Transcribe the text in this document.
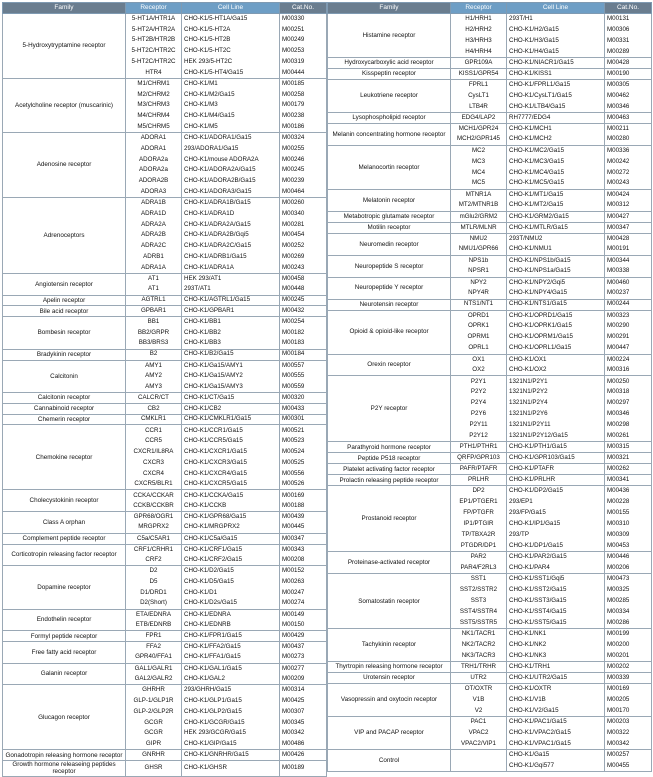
Family	Receptor	Cell Line	Cat.No.
5-Hydroxytryptamine receptor	5-HT1A/HTR1A	CHO-K1/5-HT1A/Ga15	M00330
	5-HT2A/HTR2A	CHO-K1/5-HT2A	M00251
	5-HT2B/HTR2B	CHO-K1/5-HT2B	M00249
	5-HT2C/HTR2C	CHO-K1/5-HT2C	M00253
	5-HT2C/HTR2C	HEK 293/5-HT2C	M00319
	HTR4	CHO-K1/5-HT4/Ga15	M00444
Acetylcholine receptor (muscarinic)	M1/CHRM1	CHO-K1/M1	M00185
	M2/CHRM2	CHO-K1/M2/Ga15	M00258
	M3/CHRM3	CHO-K1/M3	M00179
	M4/CHRM4	CHO-K1/M4/Ga15	M00238
	M5/CHRM5	CHO-K1/M5	M00186
Adenosine receptor	ADORA1	CHO-K1/ADORA1/Ga15	M00324
	ADORA1	293/ADORA1/Ga15	M00255
	ADORA2a	CHO-K1/mouse ADORA2A	M00246
	ADORA2a	CHO-K1/ADORA2A/Ga15	M00245
	ADORA2B	CHO-K1/ADORA2B/Ga15	M00239
	ADORA3	CHO-K1/ADORA3/Ga15	M00464
Adrenoceptors	ADRA1B	CHO-K1/ADRA1B/Ga15	M00260
	ADRA1D	CHO-K1/ADRA1D	M00340
	ADRA2A	CHO-K1/ADRA2A/Ga15	M00281
	ADRA2B	CHO-K1/ADRA2B/Gqi5	M00454
	ADRA2C	CHO-K1/ADRA2C/Ga15	M00252
	ADRB1	CHO-K1/ADRB1/Ga15	M00269
	ADRA1A	CHO-K1/ADRA1A	M00243
Angiotensin receptor	AT1	HEK 293/AT1	M00458
	AT1	293T/AT1	M00448
Apelin receptor	AGTRL1	CHO-K1/AGTRL1/Ga15	M00245
Bile acid receptor	GPBAR1	CHO-K1/GPBAR1	M00432
Bombesin receptor	BB1	CHO-K1/BB1	M00254
	BB2/GRPR	CHO-K1/BB2	M00182
	BB3/BRS3	CHO-K1/BB3	M00183
Bradykinin receptor	B2	CHO-K1/B2/Ga15	M00184
Calcitonin	AMY1	CHO-K1/Ga15/AMY1	M00557
	AMY2	CHO-K1/Ga15/AMY2	M00555
	AMY3	CHO-K1/Ga15/AMY3	M00559
Calcitonin receptor	CALCR/CT	CHO-K1/CT/Ga15	M00320
Cannabinoid receptor	CB2	CHO-K1/CB2	M00433
Chemerin receptor	CMKLR1	CHO-K1/CMKLR1/Ga15	M00301
Chemokine receptor	CCR1	CHO-K1/CCR1/Ga15	M00521
	CCR5	CHO-K1/CCR5/Ga15	M00523
	CXCR1/IL8RA	CHO-K1/CXCR1/Ga15	M00524
	CXCR3	CHO-K1/CXCR3/Ga15	M00525
	CXCR4	CHO-K1/CXCR4/Ga15	M00556
	CXCR5/BLR1	CHO-K1/CXCR5/Ga15	M00526
Cholecystokinin receptor	CCKA/CCKAR	CHO-K1/CCKA/Ga15	M00169
	CCKB/CCKBR	CHO-K1/CCKB	M00188
Class A orphan	GPR68/OGR1	CHO-K1/GPR68/Ga15	M00439
	MRGPRX2	CHO-K1/MRGPRX2	M00445
Complement peptide receptor	C5a/C5AR1	CHO-K1/C5a/Ga15	M00347
Corticotropin releasing factor receptor	CRF1/CRHR1	CHO-K1/CRF1/Ga15	M00343
	CRF2	CHO-K1/CRF2/Ga15	M00208
Dopamine receptor	D2	CHO-K1/D2/Ga15	M00152
	D5	CHO-K1/D5/Ga15	M00263
	D1/DRD1	CHO-K1/D1	M00247
	D2(Short)	CHO-K1/D2s/Ga15	M00274
Endothelin receptor	ETA/EDNRA	CHO-K1/EDNRA	M00149
	ETB/EDNRB	CHO-K1/EDNRB	M00150
Formyl peptide receptor	FPR1	CHO-K1/FPR1/Ga15	M00429
Free fatty acid receptor	FFA2	CHO-K1/FFA2/Ga15	M00437
	GPR40/FFA1	CHO-K1/FFA1/Ga15	M00273
Galanin receptor	GAL1/GALR1	CHO-K1/GAL1/Ga15	M00277
	GAL2/GALR2	CHO-K1/GAL2	M00209
Glucagon receptor	GHRHR	293/GHRH/Ga15	M00314
	GLP-1/GLP1R	CHO-K1/GLP1/Ga15	M00425
	GLP-2/GLP2R	CHO-K1/GLP2/Ga15	M00307
	GCGR	CHO-K1/GCGR/Ga15	M00345
	GCGR	HEK 293/GCGR/Ga15	M00342
	GIPR	CHO-K1/GIP/Ga15	M00486
Gonadotropin releasing hormone receptor	GNRHR	CHO-K1/GNRHR/Ga15	M00426
Growth hormone releaseing peptides receptor	GHSR	CHO-K1/GHSR	M00189
Family	Receptor	Cell Line	Cat.No.
Histamine receptor	H1/HRH1	293T/H1	M00131
	H2/HRH2	CHO-K1/H2/Ga15	M00306
	H3/HRH3	CHO-K1/H3/Ga15	M00331
	H4/HRH4	CHO-K1/H4/Ga15	M00289
Hydroxycarboxylic acid receptor	GPR109A	CHO-K1/NIACR1/Ga15	M00428
Kisspeptin receptor	KISS1/GPR54	CHO-K1/KISS1	M00190
Leukotriene receptor	FPRL1	CHO-K1/FPRL1/Ga15	M00305
	CysLT1	CHO-K1/CysLT1/Ga15	M00462
	LTB4R	CHO-K1/LTB4/Ga15	M00346
Lysophospholipid receptor	EDG4/LAP2	RH7777/EDG4	M00463
Melanin concentrating hormone receptor	MCH1/GPR24	CHO-K1/MCH1	M00211
	MCH2/GPR145	CHO-K1/MCH2	M00280
Melanocortin receptor	MC2	CHO-K1/MC2/Ga15	M00336
	MC3	CHO-K1/MC3/Ga15	M00242
	MC4	CHO-K1/MC4/Ga15	M00272
	MC5	CHO-K1/MC5/Ga15	M00243
Melatonin receptor	MTNR1A	CHO-K1/MT1/Ga15	M00424
	MT2/MTNR1B	CHO-K1/MT2/Ga15	M00312
Metabotropic glutamate receptor	mGlu2/GRM2	CHO-K1/GRM2/Ga15	M00427
Motilin receptor	MTLR/MLNR	CHO-K1/MTLR/Ga15	M00347
Neuromedin receptor	NMU2	293T/NMU2	M00428
	NMU1/GPR66	CHO-K1/NMU1	M00191
Neuropeptide S receptor	NPS1b	CHO-K1/NPS1b/Ga15	M00344
	NPSR1	CHO-K1/NPS1a/Ga15	M00338
Neuropeptide Y receptor	NPY2	CHO-K1/NPY2/Gqi5	M00460
	NPY4R	CHO-K1/NPY4/Ga15	M00237
Neurotensin receptor	NTS1/NT1	CHO-K1/NTS1/Ga15	M00244
Opioid & opioid-like receptor	OPRD1	CHO-K1/OPRD1/Ga15	M00323
	OPRK1	CHO-K1/OPRK1/Ga15	M00290
	OPRM1	CHO-K1/OPRM1/Ga15	M00291
	OPRL1	CHO-K1/OPRL1/Ga15	M00447
Orexin receptor	OX1	CHO-K1/OX1	M00224
	OX2	CHO-K1/OX2	M00316
P2Y receptor	P2Y1	1321N1/P2Y1	M00250
	P2Y2	1321N1/P2Y2	M00318
	P2Y4	1321N1/P2Y4	M00297
	P2Y6	1321N1/P2Y6	M00346
	P2Y11	1321N1/P2Y11	M00298
	P2Y12	1321N1/P2Y12/Ga15	M00261
Parathyroid hormone receptor	PTH1/PTHR1	CHO-K1/PTH1/Ga15	M00315
Peptide P518 receptor	QRFP/GPR103	CHO-K1/GPR103/Ga15	M00321
Platelet activating factor receptor	PAFR/PTAFR	CHO-K1/PTAFR	M00262
Prolactin releasing peptide receptor	PRLHR	CHO-K1/PRLHR	M00341
Prostanoid receptor	DP2	CHO-K1/DP2/Ga15	M00436
	EP1/PTGER1	293/EP1	M00228
	FP/PTGFR	293/FP/Ga15	M00155
	IP1/PTGIR	CHO-K1/IP1/Ga15	M00310
	TP/TBXA2R	293/TP	M00309
	PTGDR/DP1	CHO-K1/DP1/Ga15	M00453
Proteinase-activated receptor	PAR2	CHO-K1/PAR2/Ga15	M00446
	PAR4/F2RL3	CHO-K1/PAR4	M00206
Somatostatin receptor	SST1	CHO-K1/SST1/Gqi5	M00473
	SST2/SSTR2	CHO-K1/SST2/Ga15	M00325
	SST3	CHO-K1/SST3/Ga15	M00285
	SST4/SSTR4	CHO-K1/SST4/Ga15	M00334
	SST5/SSTR5	CHO-K1/SST5/Ga15	M00286
Tachykinin receptor	NK1/TACR1	CHO-K1/NK1	M00199
	NK2/TACR2	CHO-K1/NK2	M00200
	NK3/TACR3	CHO-K1/NK3	M00201
Thyrtropin releasing hormone receptor	TRH1/TRHR	CHO-K1/TRH1	M00202
Urotensin receptor	UTR2	CHO-K1/UTR2/Ga15	M00339
Vasopressin and oxytocin receptor	OT/OXTR	CHO-K1/OXTR	M00169
	V1B	CHO-K1/V1B	M00205
	V2	CHO-K1/V2/Ga15	M00170
VIP and PACAP receptor	PAC1	CHO-K1/PAC1/Ga15	M00203
	VPAC2	CHO-K1/VPAC2/Ga15	M00322
	VPAC2/VIP1	CHO-K1/VPAC1/Ga15	M00342
Control		CHO-K1/Ga15	M00257
		CHO-K1/Gqi577	M00455
